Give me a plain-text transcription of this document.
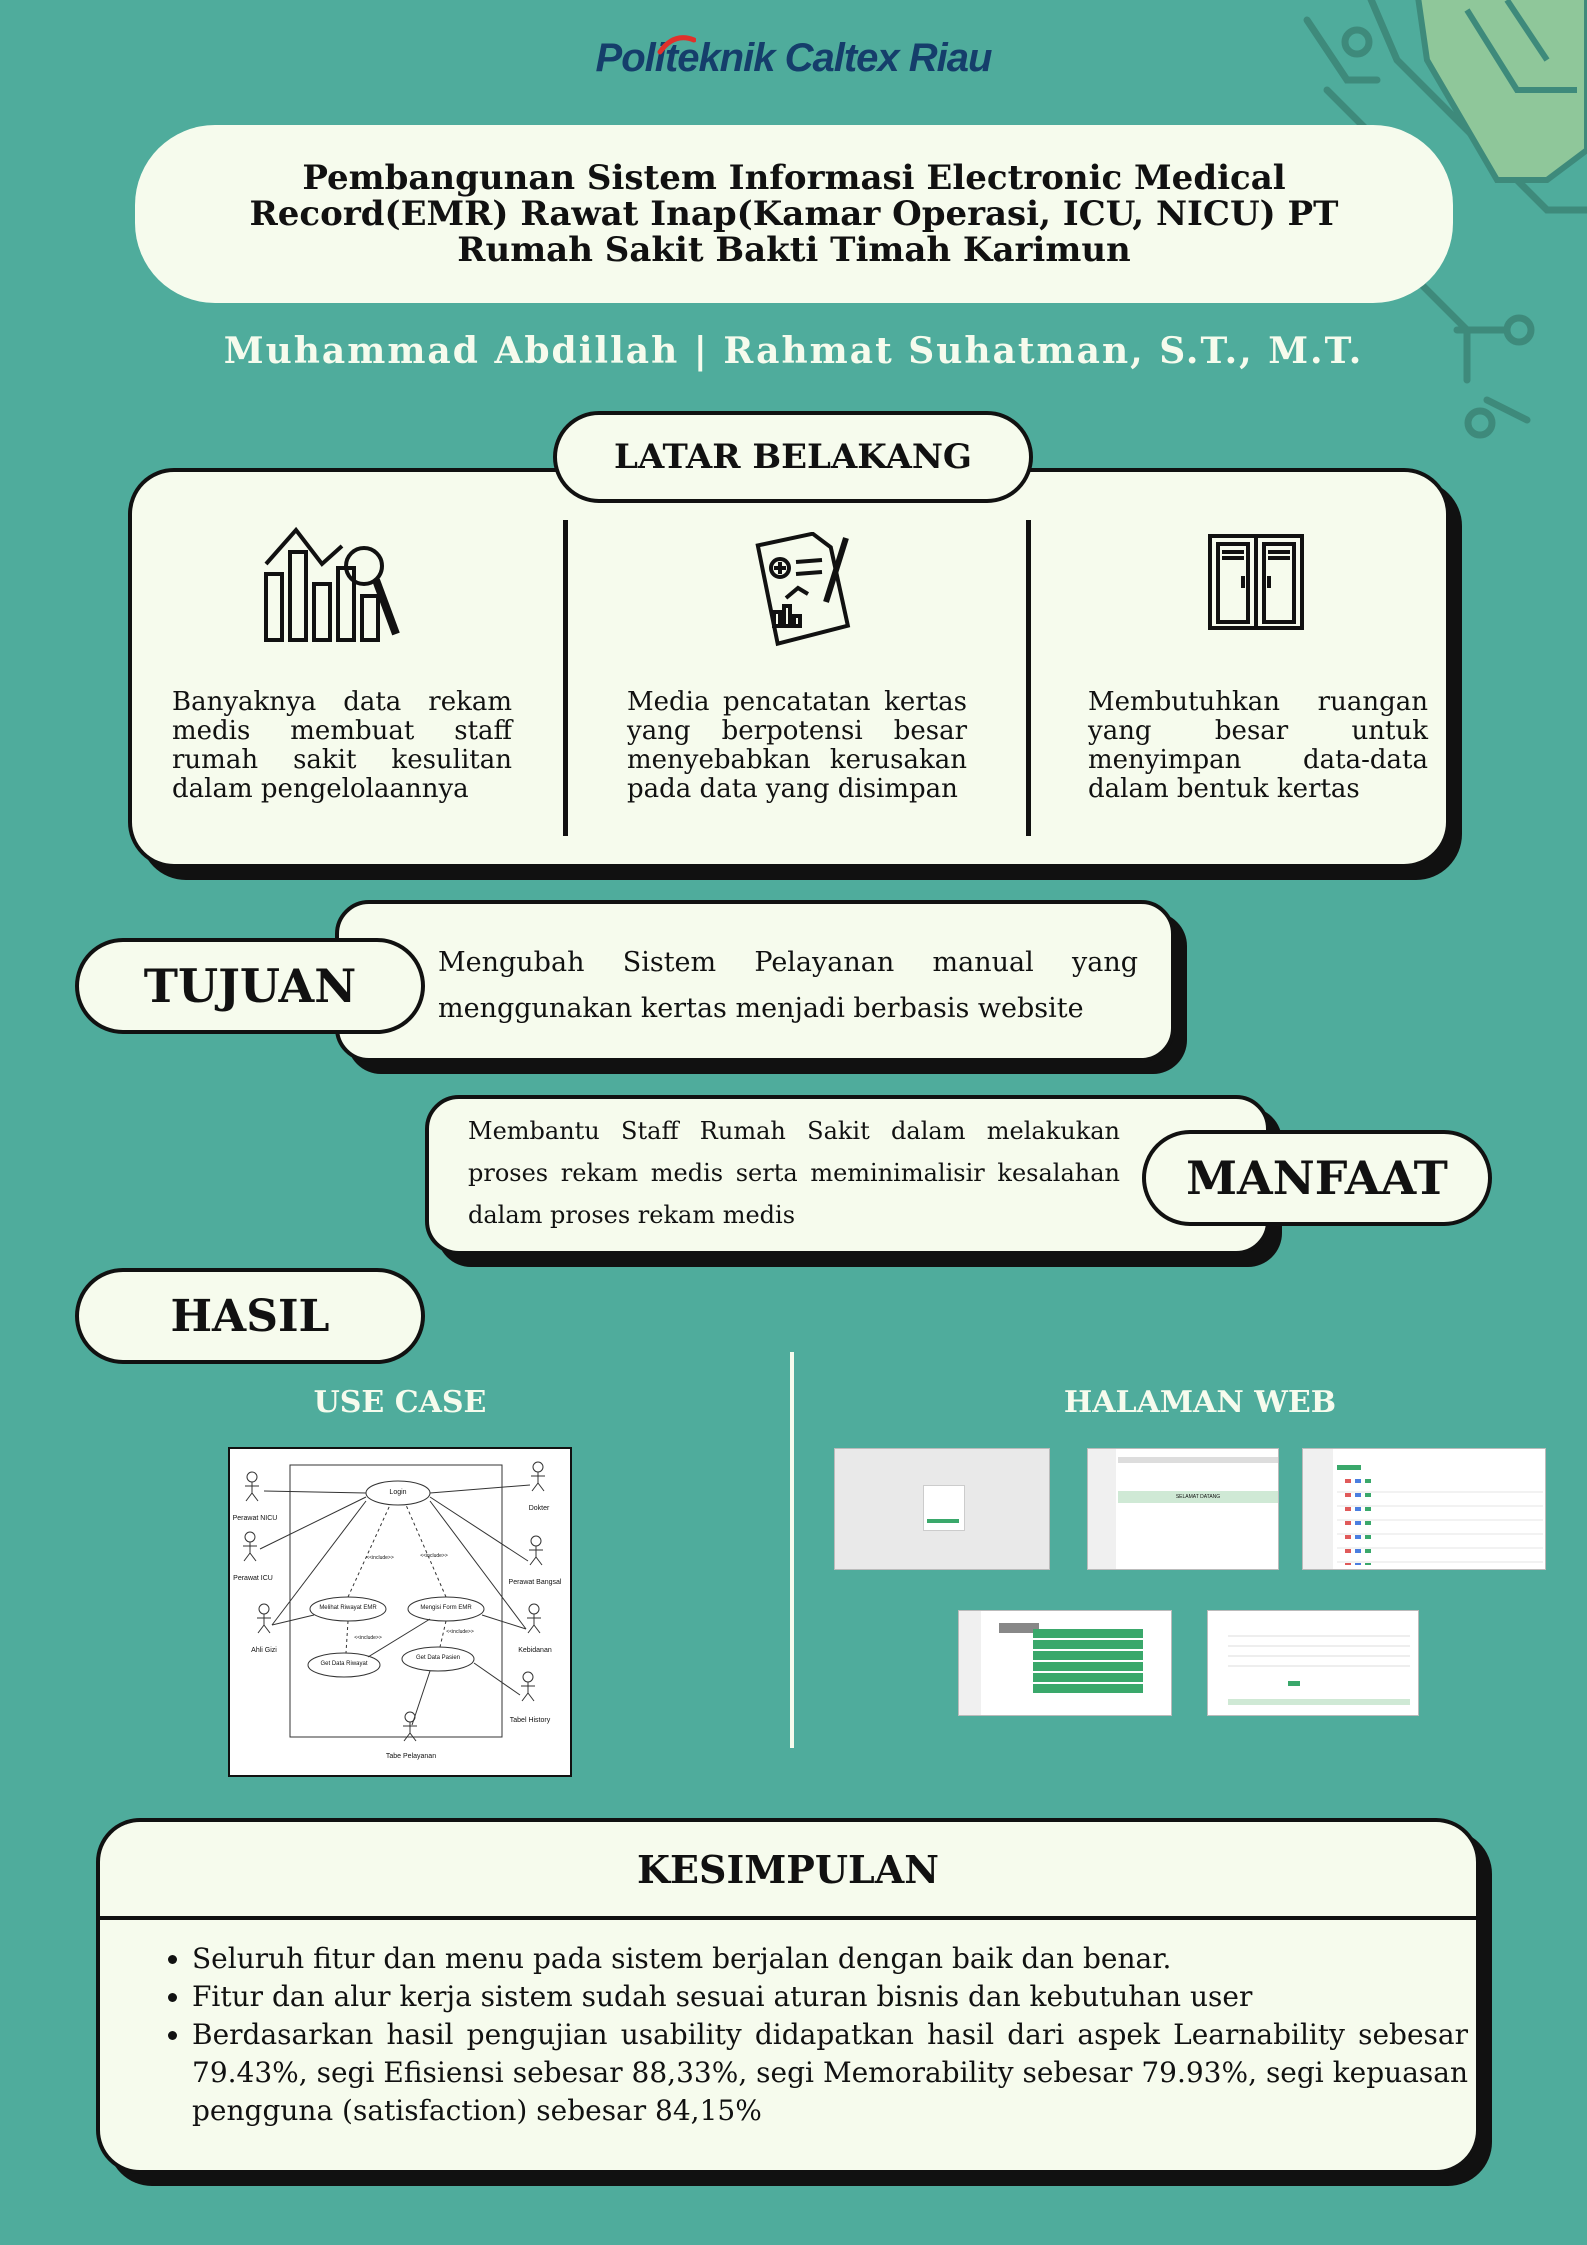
Politeknik Caltex Riau
Pembangunan Sistem Informasi Electronic Medical Record(EMR) Rawat Inap(Kamar Operasi, ICU, NICU) PT Rumah Sakit Bakti Timah Karimun
Muhammad Abdillah | Rahmat Suhatman, S.T., M.T.
Banyaknya data rekam medis membuat staff rumah sakit kesulitan dalam pengelolaannya
Media pencatatan kertas yang berpotensi besar menyebabkan kerusakan pada data yang disimpan
Membutuhkan ruangan yang besar untuk menyimpan data-data dalam bentuk kertas
LATAR BELAKANG
TUJUAN	Mengubah Sistem Pelayanan manual yang menggunakan kertas menjadi berbasis website
Membantu Staff Rumah Sakit dalam melakukan proses rekam medis serta meminimalisir kesalahan dalam proses rekam medis
MANFAAT
HASIL
USE CASE	HALAMAN WEB
Perawat NICU
Perawat ICU
Ahli Gizi
Dokter
Perawat Bangsal
Kebidanan
Tabel History
Tabe Pelayanan
Login
Melihat Riwayat EMR	Mengisi Form EMR
Get Data Riwayat
Get Data Pasien
<<include>>	<<include>>
<<include>>
<<include>>
SELAMAT DATANG
KESIMPULAN
• Seluruh fitur dan menu pada sistem berjalan dengan baik dan benar.
• Fitur dan alur kerja sistem sudah sesuai aturan bisnis dan kebutuhan user
• Berdasarkan hasil pengujian usability didapatkan hasil dari aspek Learnability sebesar 79.43%, segi Efisiensi sebesar 88,33%, segi Memorability sebesar 79.93%, segi kepuasan pengguna (satisfaction) sebesar 84,15%
